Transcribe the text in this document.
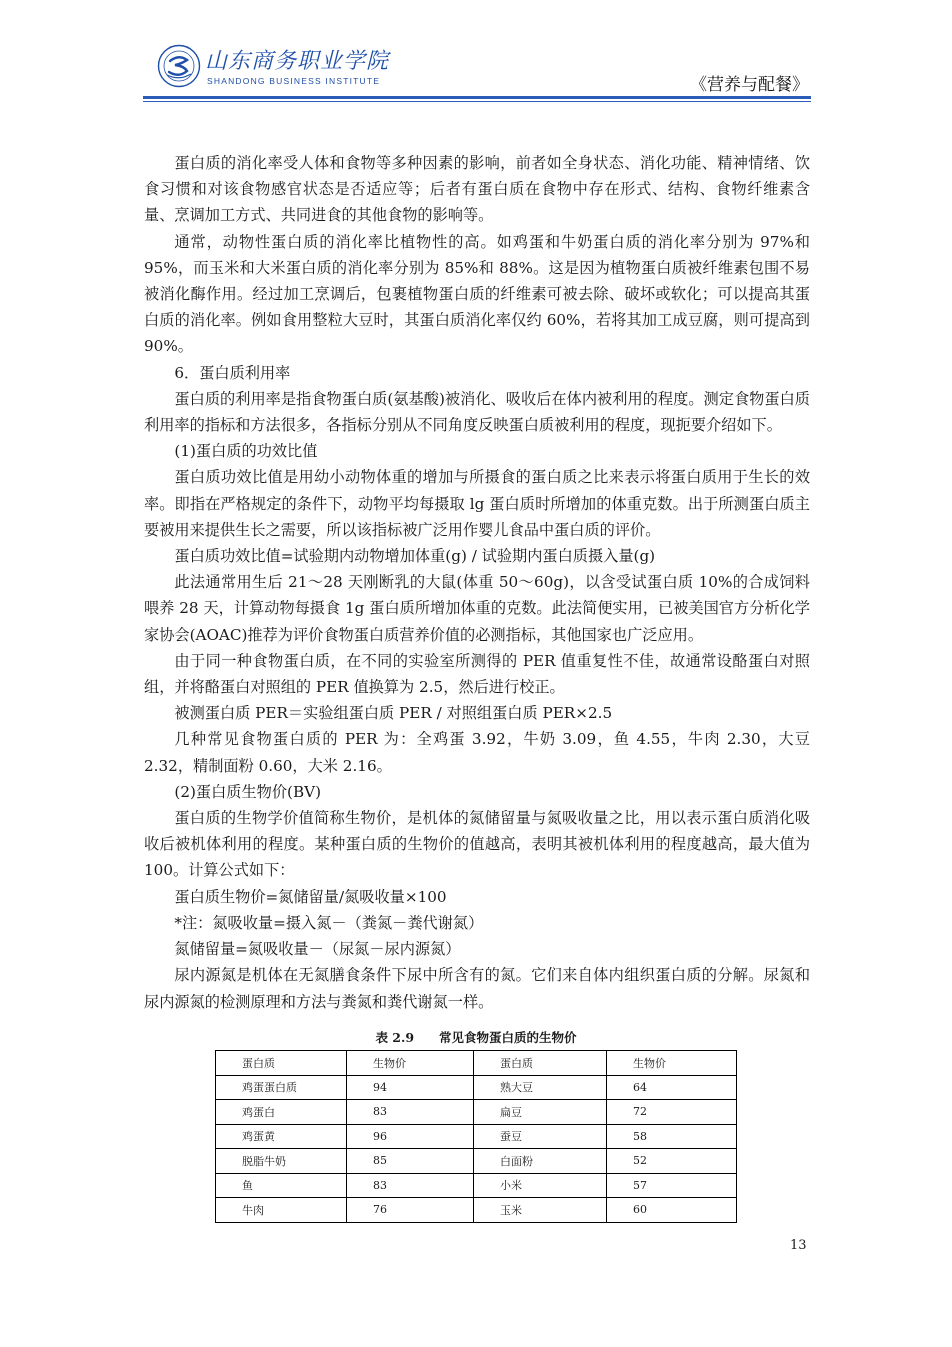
山东商务职业学院
SHANDONG BUSINESS INSTITUTE	《营养与配餐》

蛋白质的消化率受人体和食物等多种因素的影响，前者如全身状态、消化功能、精神情绪、饮食习惯和对该食物感官状态是否适应等；后者有蛋白质在食物中存在形式、结构、食物纤维素含量、烹调加工方式、共同进食的其他食物的影响等。

通常，动物性蛋白质的消化率比植物性的高。如鸡蛋和牛奶蛋白质的消化率分别为 97%和 95%，而玉米和大米蛋白质的消化率分别为 85%和 88%。这是因为植物蛋白质被纤维素包围不易被消化酶作用。经过加工烹调后，包裹植物蛋白质的纤维素可被去除、破坏或软化；可以提高其蛋白质的消化率。例如食用整粒大豆时，其蛋白质消化率仅约 60%，若将其加工成豆腐，则可提高到 90%。

6．蛋白质利用率

蛋白质的利用率是指食物蛋白质(氨基酸)被消化、吸收后在体内被利用的程度。测定食物蛋白质利用率的指标和方法很多，各指标分别从不同角度反映蛋白质被利用的程度，现扼要介绍如下。

(1)蛋白质的功效比值

蛋白质功效比值是用幼小动物体重的增加与所摄食的蛋白质之比来表示将蛋白质用于生长的效率。即指在严格规定的条件下，动物平均每摄取 lg 蛋白质时所增加的体重克数。出于所测蛋白质主要被用来提供生长之需要，所以该指标被广泛用作婴儿食品中蛋白质的评价。

蛋白质功效比值=试验期内动物增加体重(g) / 试验期内蛋白质摄入量(g)

此法通常用生后 21～28 天刚断乳的大鼠(体重 50～60g)，以含受试蛋白质 10%的合成饲料喂养 28 天，计算动物每摄食 1g 蛋白质所增加体重的克数。此法简便实用，已被美国官方分析化学家协会(AOAC)推荐为评价食物蛋白质营养价值的必测指标，其他国家也广泛应用。

由于同一种食物蛋白质，在不同的实验室所测得的 PER 值重复性不佳，故通常设酪蛋白对照组，并将酪蛋白对照组的 PER 值换算为 2.5，然后进行校正。

被测蛋白质 PER＝实验组蛋白质 PER / 对照组蛋白质 PER×2.5

几种常见食物蛋白质的 PER 为：全鸡蛋 3.92，牛奶 3.09，鱼 4.55，牛肉 2.30，大豆 2.32，精制面粉 0.60，大米 2.16。

(2)蛋白质生物价(BV)

蛋白质的生物学价值简称生物价，是机体的氮储留量与氮吸收量之比，用以表示蛋白质消化吸收后被机体利用的程度。某种蛋白质的生物价的值越高，表明其被机体利用的程度越高，最大值为 100。计算公式如下：

蛋白质生物价=氮储留量/氮吸收量×100

*注：氮吸收量=摄入氮－（粪氮－粪代谢氮）

氮储留量=氮吸收量－（尿氮－尿内源氮）

尿内源氮是机体在无氮膳食条件下尿中所含有的氮。它们来自体内组织蛋白质的分解。尿氮和尿内源氮的检测原理和方法与粪氮和粪代谢氮一样。

表 2.9　　常见食物蛋白质的生物价
蛋白质	生物价	蛋白质	生物价
鸡蛋蛋白质	94	熟大豆	64
鸡蛋白	83	扁豆	72
鸡蛋黄	96	蚕豆	58
脱脂牛奶	85	白面粉	52
鱼	83	小米	57
牛肉	76	玉米	60
13
